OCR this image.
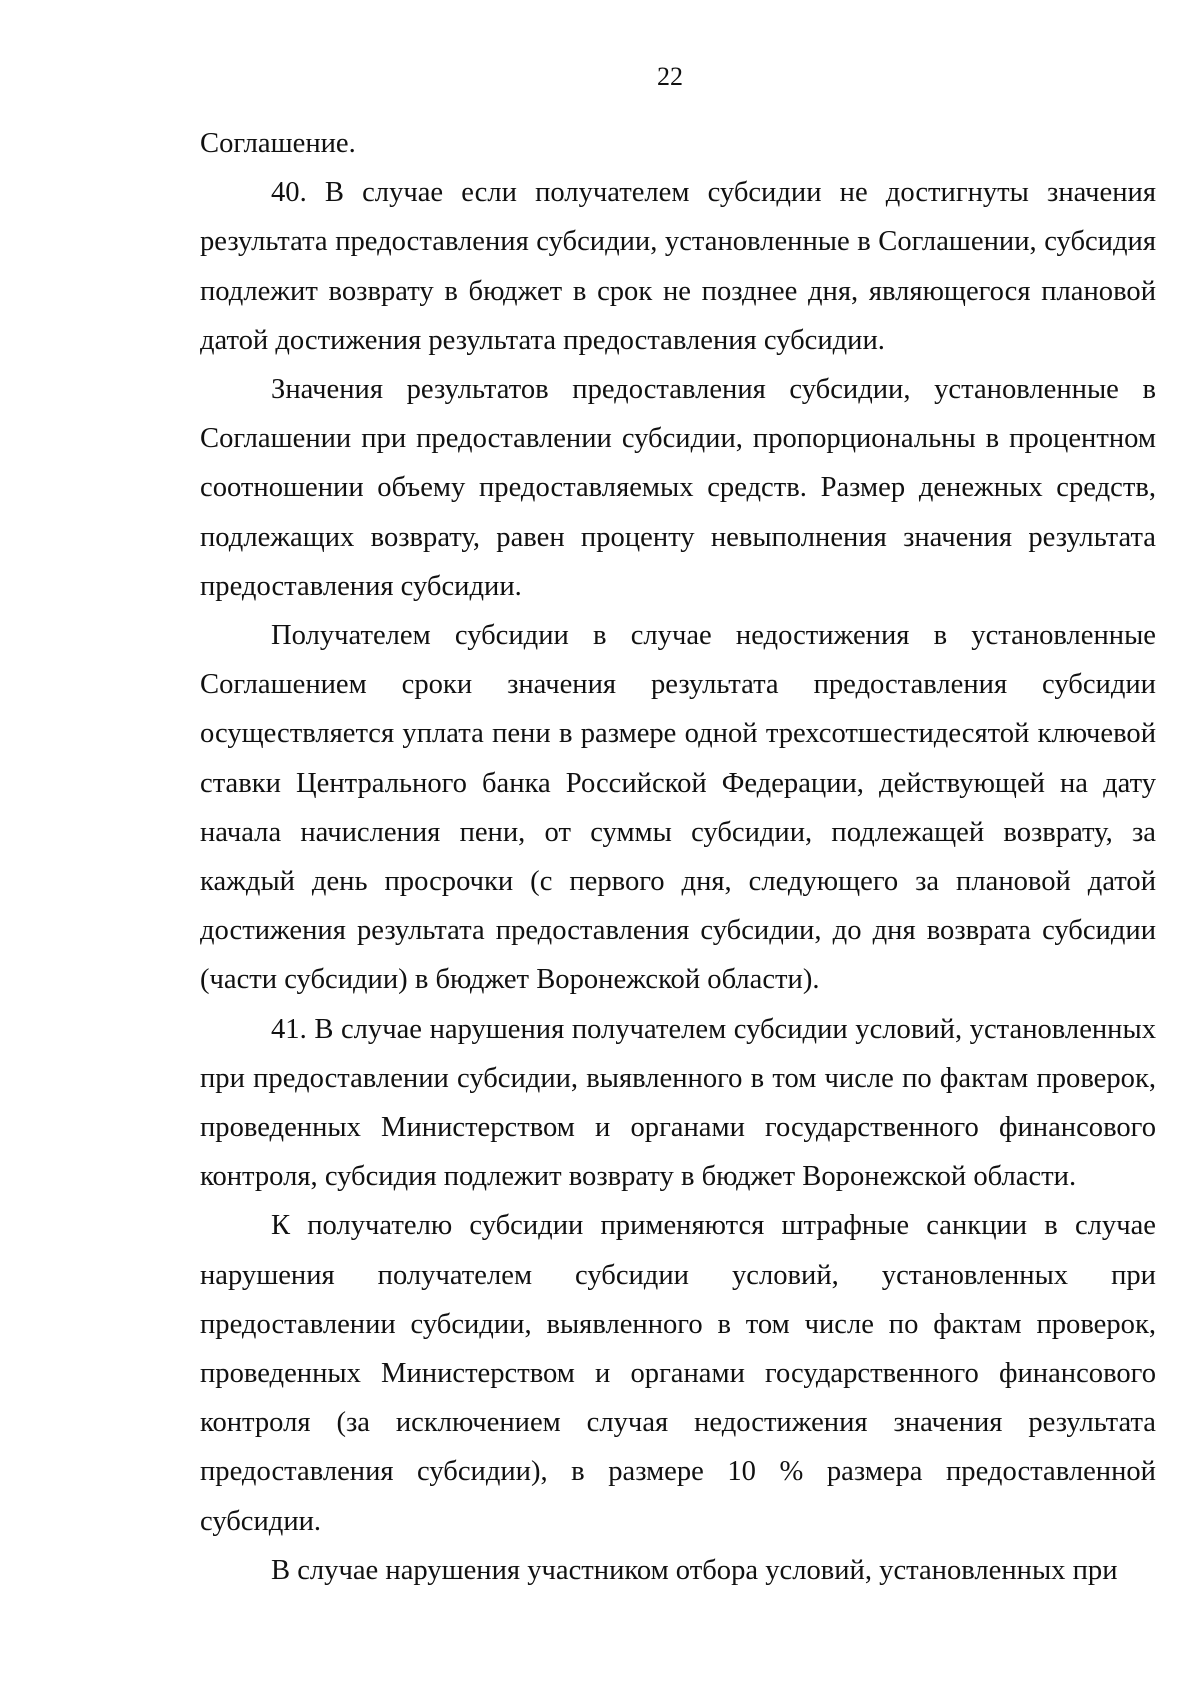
22

Соглашение.

40. В случае если получателем субсидии не достигнуты значения результата предоставления субсидии, установленные в Соглашении, субсидия подлежит возврату в бюджет в срок не позднее дня, являющегося плановой датой достижения результата предоставления субсидии.

Значения результатов предоставления субсидии, установленные в Соглашении при предоставлении субсидии, пропорциональны в процентном соотношении объему предоставляемых средств. Размер денежных средств, подлежащих возврату, равен проценту невыполнения значения результата предоставления субсидии.

Получателем субсидии в случае недостижения в установленные Соглашением сроки значения результата предоставления субсидии осуществляется уплата пени в размере одной трехсотшестидесятой ключевой ставки Центрального банка Российской Федерации, действующей на дату начала начисления пени, от суммы субсидии, подлежащей возврату, за каждый день просрочки (с первого дня, следующего за плановой датой достижения результата предоставления субсидии, до дня возврата субсидии (части субсидии) в бюджет Воронежской области).

41. В случае нарушения получателем субсидии условий, установленных при предоставлении субсидии, выявленного в том числе по фактам проверок, проведенных Министерством и органами государственного финансового контроля, субсидия подлежит возврату в бюджет Воронежской области.

К получателю субсидии применяются штрафные санкции в случае нарушения получателем субсидии условий, установленных при предоставлении субсидии, выявленного в том числе по фактам проверок, проведенных Министерством и органами государственного финансового контроля (за исключением случая недостижения значения результата предоставления субсидии), в размере 10 % размера предоставленной субсидии.

В случае нарушения участником отбора условий, установленных при
